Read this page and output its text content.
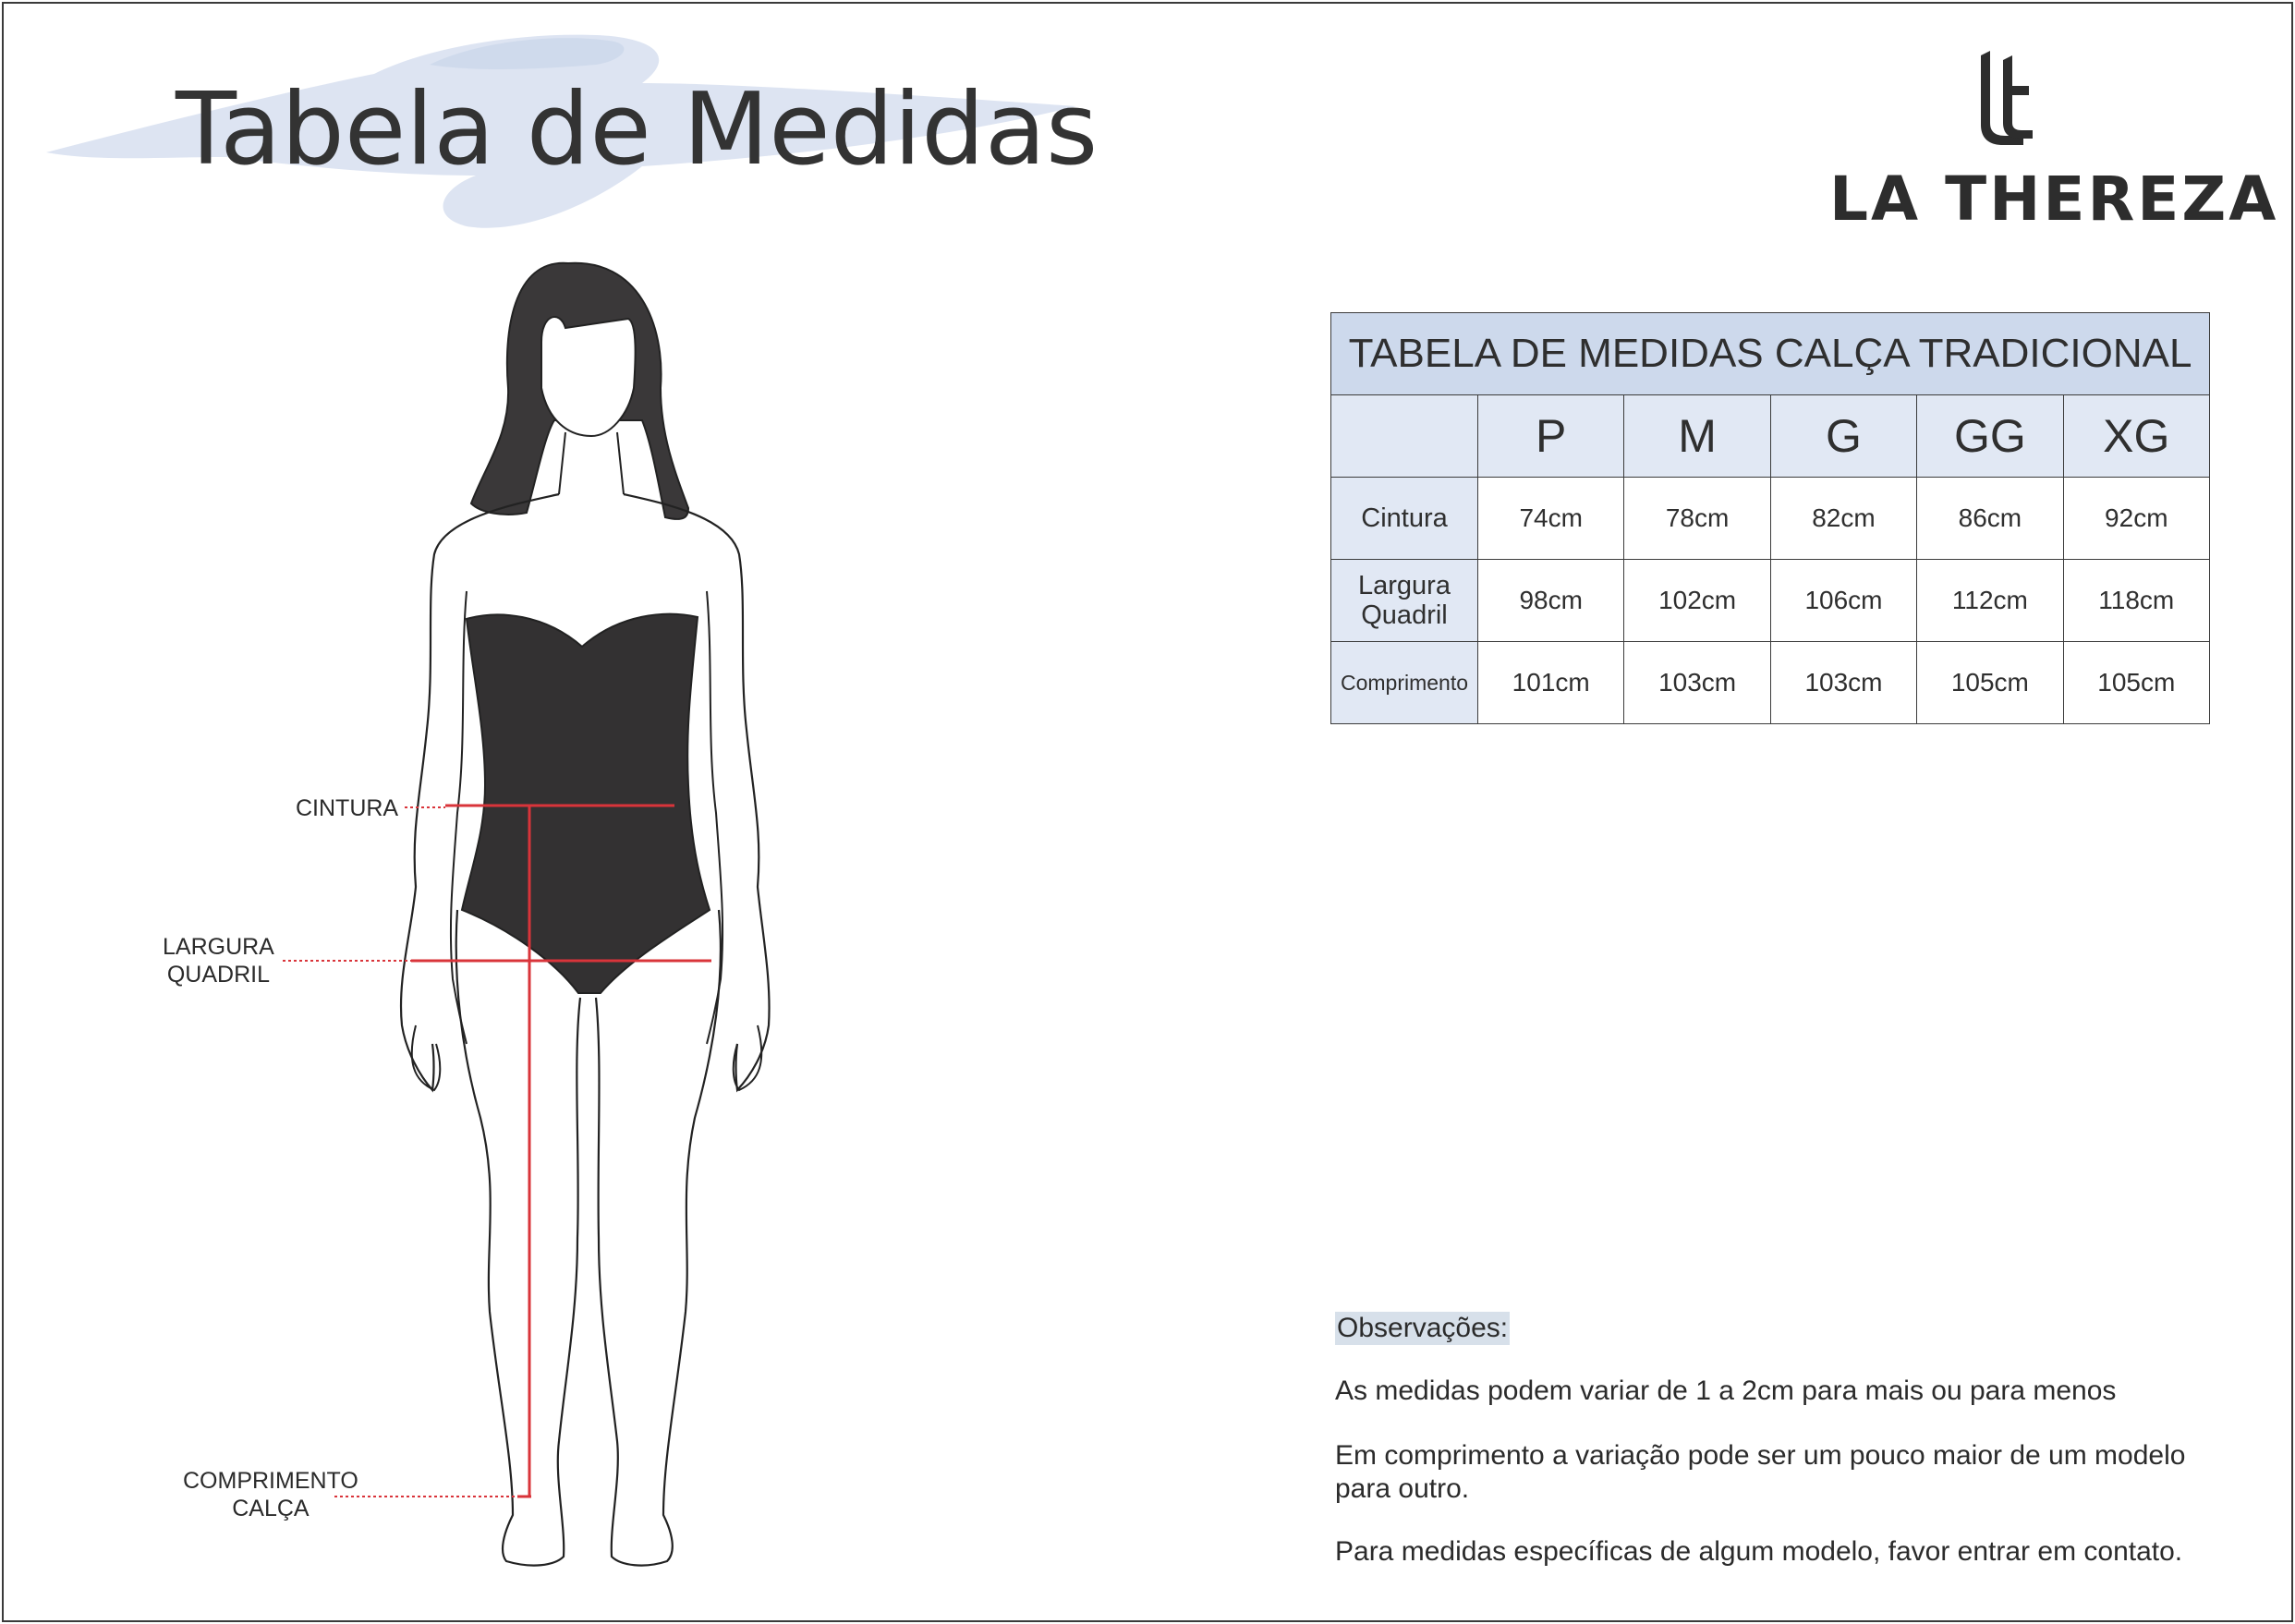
Tabela de Medidas
LA THEREZA
CINTURA
LARGURA
QUADRIL
COMPRIMENTO
CALÇA
TABELA DE MEDIDAS CALÇA TRADICIONAL					
	P	M	G	GG	XG
Cintura	74cm	78cm	82cm	86cm	92cm

Largura
Quadril	98cm	102cm	106cm	112cm	118cm
Comprimento	101cm	103cm	103cm	105cm	105cm
Observações:

As medidas podem variar de 1 a 2cm para mais ou para menos

Em comprimento a variação pode ser um pouco maior de um modelo para outro.

Para medidas específicas de algum modelo, favor entrar em contato.
